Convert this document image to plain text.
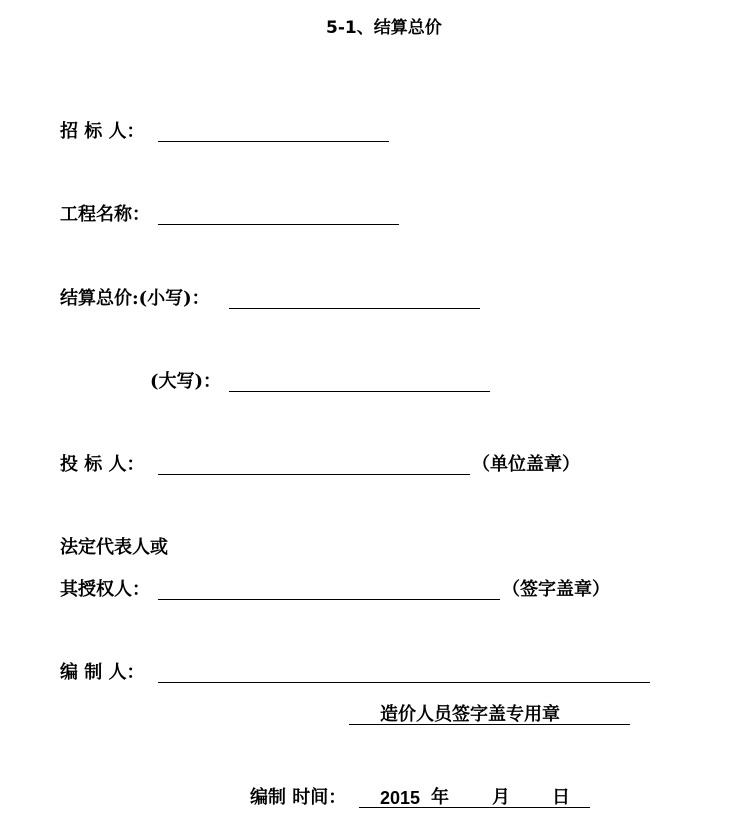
5-1、结算总价
招 标 人：
工程名称：
结算总价:(小写)：
(大写)：
投 标 人：	（单位盖章）
法定代表人或
其授权人：	（签字盖章）
编 制 人：
造价人员签字盖专用章
编制 时间： 2015 年 月 日
